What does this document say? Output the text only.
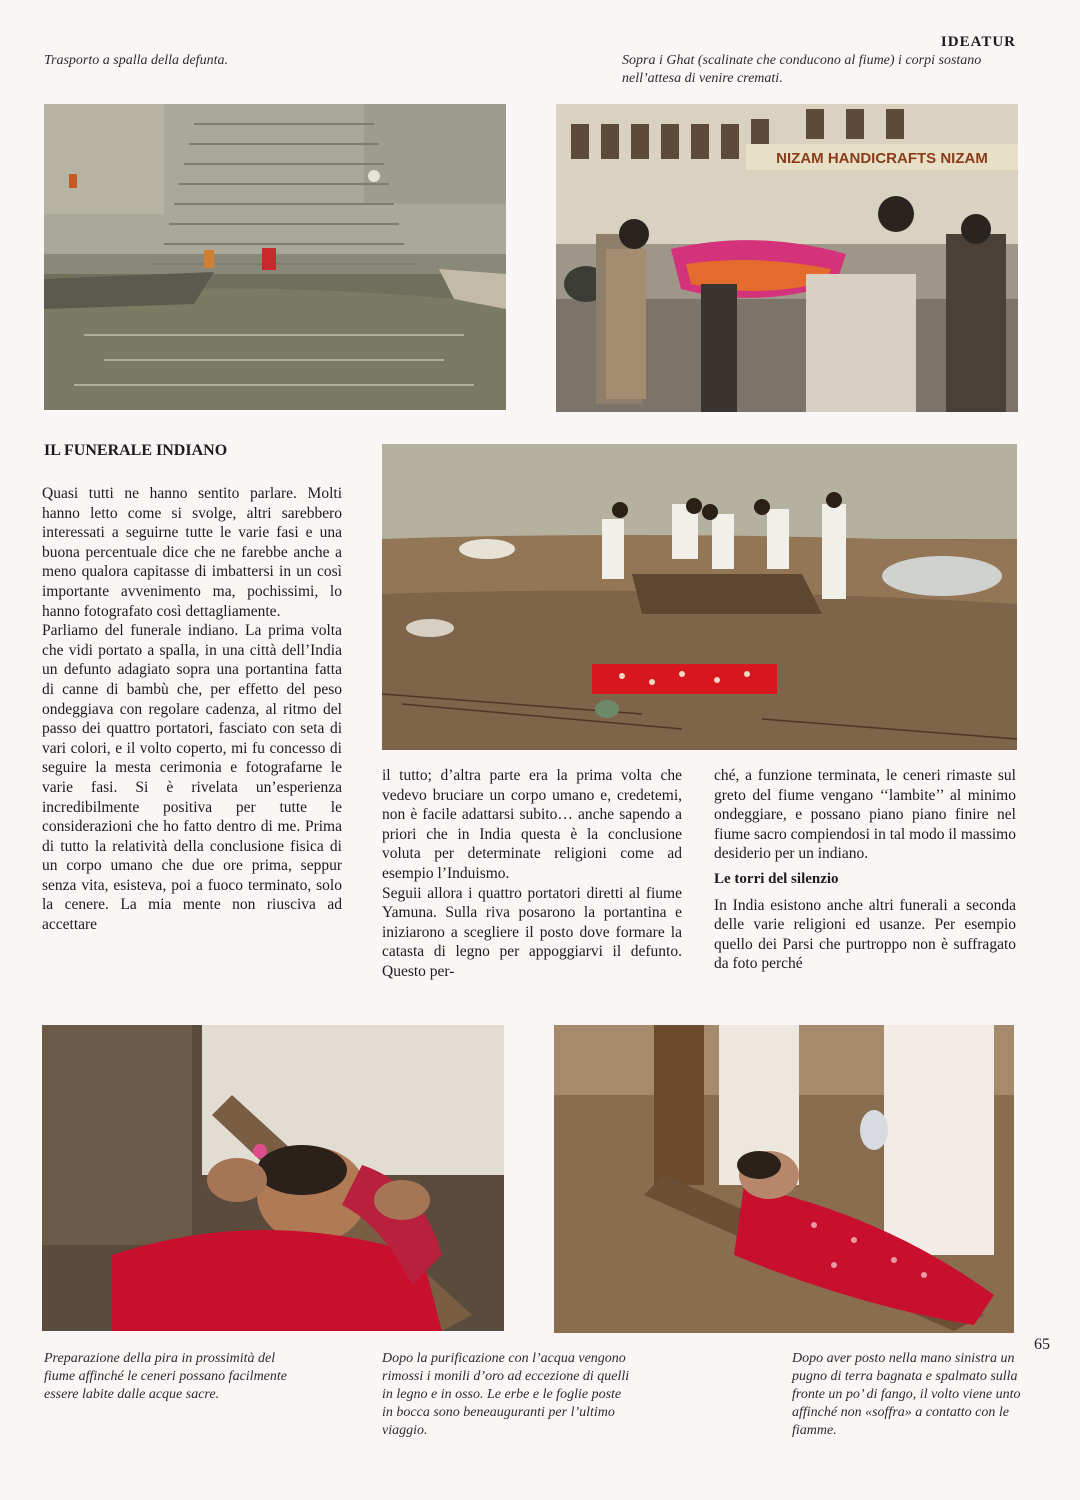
IDEATUR
Trasporto a spalla della defunta.	Sopra i Ghat (scalinate che conducono al fiume) i corpi sostano nell’attesa di venire cremati.
NIZAM HANDICRAFTS NIZAM
IL FUNERALE INDIANO

Quasi tutti ne hanno sentito parlare. Molti hanno letto come si svolge, altri sarebbero interessati a seguirne tutte le varie fasi e una buona percentuale dice che ne farebbe anche a meno qualora capitasse di imbattersi in un così importante avvenimento ma, pochissimi, lo hanno fotografato così dettagliamente.

Parliamo del funerale indiano. La prima volta che vidi portato a spalla, in una città dell’India un defunto adagiato sopra una portantina fatta di canne di bambù che, per effetto del peso ondeggiava con regolare cadenza, al ritmo del passo dei quattro portatori, fasciato con seta di vari colori, e il volto coperto, mi fu concesso di seguire la mesta cerimonia e fotografarne le varie fasi. Si è rivelata un’esperienza incredibilmente positiva per tutte le considerazioni che ho fatto dentro di me. Prima di tutto la relatività della conclusione fisica di un corpo umano che due ore prima, seppur senza vita, esisteva, poi a fuoco terminato, solo la cenere. La mia mente non riusciva ad accettare

il tutto; d’altra parte era la prima volta che vedevo bruciare un corpo umano e, credetemi, non è facile adattarsi subito… anche sapendo a priori che in India questa è la conclusione voluta per determinate religioni come ad esempio l’Induismo.

Seguii allora i quattro portatori diretti al fiume Yamuna. Sulla riva posarono la portantina e iniziarono a scegliere il posto dove formare la catasta di legno per appoggiarvi il defunto. Questo per-

ché, a funzione terminata, le ceneri rimaste sul greto del fiume vengano ‘‘lambite’’ al minimo ondeggiare, e possano piano piano finire nel fiume sacro compiendosi in tal modo il massimo desiderio per un indiano.

Le torri del silenzio

In India esistono anche altri funerali a seconda delle varie religioni ed usanze. Per esempio quello dei Parsi che purtroppo non è suffragato da foto perché

Preparazione della pira in prossimità del fiume affinché le ceneri possano facilmente essere labite dalle acque sacre.
Dopo la purificazione con l’acqua vengono rimossi i monili d’oro ad eccezione di quelli in legno e in osso. Le erbe e le foglie poste in bocca sono beneauguranti per l’ultimo viaggio.
Dopo aver posto nella mano sinistra un pugno di terra bagnata e spalmato sulla fronte un po’ di fango, il volto viene unto affinché non «soffra» a contatto con le fiamme.
65
